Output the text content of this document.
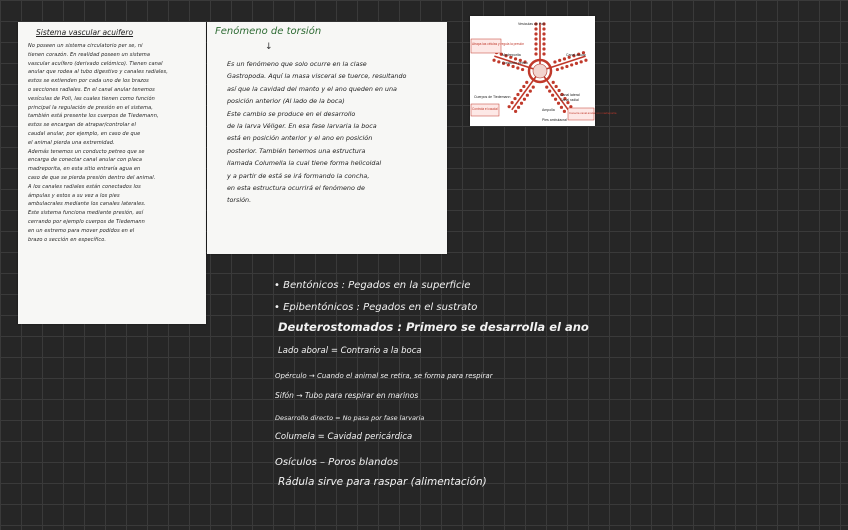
Sistema vascular acuifero
No poseen un sistema circulatorio per se, ni
tienen corazón. En realidad poseen un sistema
vascular acuífero (derivado celómico). Tienen canal
anular que rodea al tubo digestivo y canales radiales,
estos se extienden por cada uno de los brazos
o secciones radiales. En el canal anular tenemos
vesículas de Poli, las cuales tienen como función
principal la regulación de presión en el sistema,
también está presente los cuerpos de Tiedemann,
estos se encargan de atrapar/controlar el
caudal anular, por ejemplo, en caso de que
el animal pierda una extremidad.
Además tenemos un conducto petreo que se
encarga de conectar canal anular con placa
madreporita, en esta sitio entraría agua en
caso de que se pierda presión dentro del animal.
A los canales radiales están conectados los
ámpulas y estos a su vez a los pies
ambulacrales mediante los canales laterales.
Este sistema funciona mediante presión, así
cerrando por ejemplo cuerpos de Tiedemann
en un extremo para mover podidos en el
brazo o sección en específico.
Fenómeno de torsión
↓
Es un fenómeno que solo ocurre en la clase
Gastropoda. Aquí la masa visceral se tuerce, resultando
así que la cavidad del manto y el ano queden en una
posición anterior (Al lado de la boca)
Este cambio se produce en el desarrollo
de la larva Véliger. En esa fase larvaria la boca
está en posición anterior y el ano en posición
posterior. También tenemos una estructura
llamada Columella la cual tiene forma helicoidal
y a partir de está se irá formando la concha,
en esta estructura ocurrirá el fenómeno de
torsión.
Vesículas de Poli
Canal anular
Madreporita
Conducto pétreo
Cuerpos de Tiedemann	Canal lateral
Canal radial
Ampolla
Pies ambulacral
Atrapa las células y regula la presión
Controla el caudal
Conecta canal anular con madreporita
• Bentónicos : Pegados en la superficie
• Epibentónicos : Pegados en el sustrato
Deuterostomados : Primero se desarrolla el ano
Lado aboral = Contrario a la boca
Opérculo → Cuando el animal se retira, se forma para respirar
Sifón → Tubo para respirar en marinos
Desarrollo directo = No pasa por fase larvaria
Columela = Cavidad pericárdica
Osículos – Poros blandos
Rádula sirve para raspar (alimentación)
